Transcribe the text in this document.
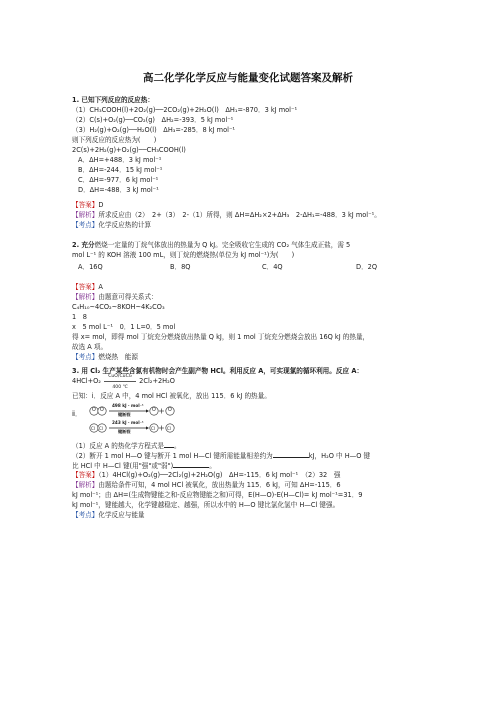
高二化学化学反应与能量变化试题答案及解析
1. 已知下列反应的反应热：
（1）CH₃COOH(l)+2O₂(g)──2CO₂(g)+2H₂O(l)　ΔH₁=-870．3 kJ mol⁻¹
（2）C(s)+O₂(g)──CO₂(g)　ΔH₂=-393．5 kJ mol⁻¹
（3）H₂(g)+O₂(g)──H₂O(l)　ΔH₃=-285．8 kJ mol⁻¹
则下列反应的反应热为(　　)
2C(s)+2H₂(g)+O₂(g)──CH₃COOH(l)
A．ΔH=+488．3 kJ mol⁻¹
B．ΔH=-244．15 kJ mol⁻¹
C．ΔH=-977．6 kJ mol⁻¹
D．ΔH=-488．3 kJ mol⁻¹
【答案】D
【解析】所求反应由（2）　2+（3）　2-（1）所得，则 ΔH=ΔH₂×2+ΔH₃　2-ΔH₁=-488．3 kJ mol⁻¹。
【考点】化学反应热的计算
2. 充分燃烧一定量的丁烷气体放出的热量为 Q kJ。完全吸收它生成的 CO₂ 气体生成正盐，需 5
mol L⁻¹ 的 KOH 溶液 100 mL，则丁烷的燃烧热(单位为 kJ mol⁻¹)为(　　)
A．16Q	B．8Q	C．4Q	D．2Q
【答案】A
【解析】由题意可得关系式：
C₄H₁₀~4CO₂~8KOH~4K₂CO₃
1　8
x　5 mol L⁻¹　0．1 L=0．5 mol
得 x= mol，即得 mol 丁烷充分燃烧放出热量 Q kJ，则 1 mol 丁烷充分燃烧会放出 16Q kJ 的热量，
故选 A 项。
【考点】燃烧热　能源
3. 用 Cl₂ 生产某些含氯有机物时会产生副产物 HCl。利用反应 A，可实现氯的循环利用。反应 A：
4HCl+O₂
CuO/CuCl₂
400 ℃
2Cl₂+2H₂O
已知：ⅰ．反应 A 中，4 mol HCl 被氧化，放出 115．6 kJ 的热量。
ⅱ． O O	O	O
498 kJ · mol⁻¹
键断裂
Cl Cl	Cl	Cl
243 kJ · mol⁻¹
键断裂
（1）反应 A 的热化学方程式是 。
（2）断开 1 mol H—O 键与断开 1 mol H—Cl 键所需能量相差约为	kJ，H₂O 中 H—O 键
比 HCl 中 H—Cl 键(用"强"或"弱")	。
【答案】（1）4HCl(g)+O₂(g)──2Cl₂(g)+2H₂O(g)　ΔH=-115．6 kJ mol⁻¹　（2）32　强
【解析】由题给条件可知，4 mol HCl 被氧化，放出热量为 115．6 kJ，可知 ΔH=-115．6
kJ mol⁻¹；由 ΔH=(生成物键能之和-反应物键能之和)可得，E(H—O)-E(H—Cl)= kJ mol⁻¹=31．9
kJ mol⁻¹，键能越大，化学键越稳定、越强，所以水中的 H—O 键比氯化氢中 H—Cl 键强。
【考点】化学反应与能量
